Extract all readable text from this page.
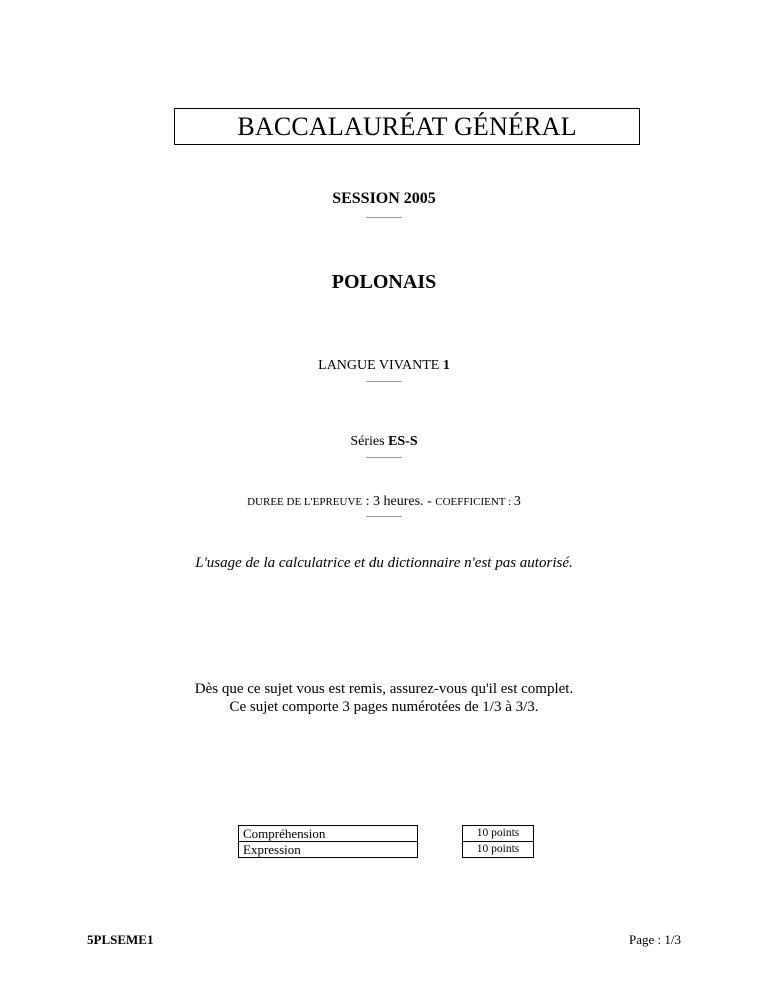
BACCALAURÉAT GÉNÉRAL
SESSION 2005
POLONAIS
LANGUE VIVANTE 1
Séries ES-S
DUREE DE L'EPREUVE : 3 heures. - COEFFICIENT : 3
L'usage de la calculatrice et du dictionnaire n'est pas autorisé.
Dès que ce sujet vous est remis, assurez-vous qu'il est complet.
Ce sujet comporte 3 pages numérotées de 1/3 à 3/3.
Compréhension		10 points
Expression		10 points
5PLSEME1	Page : 1/3
